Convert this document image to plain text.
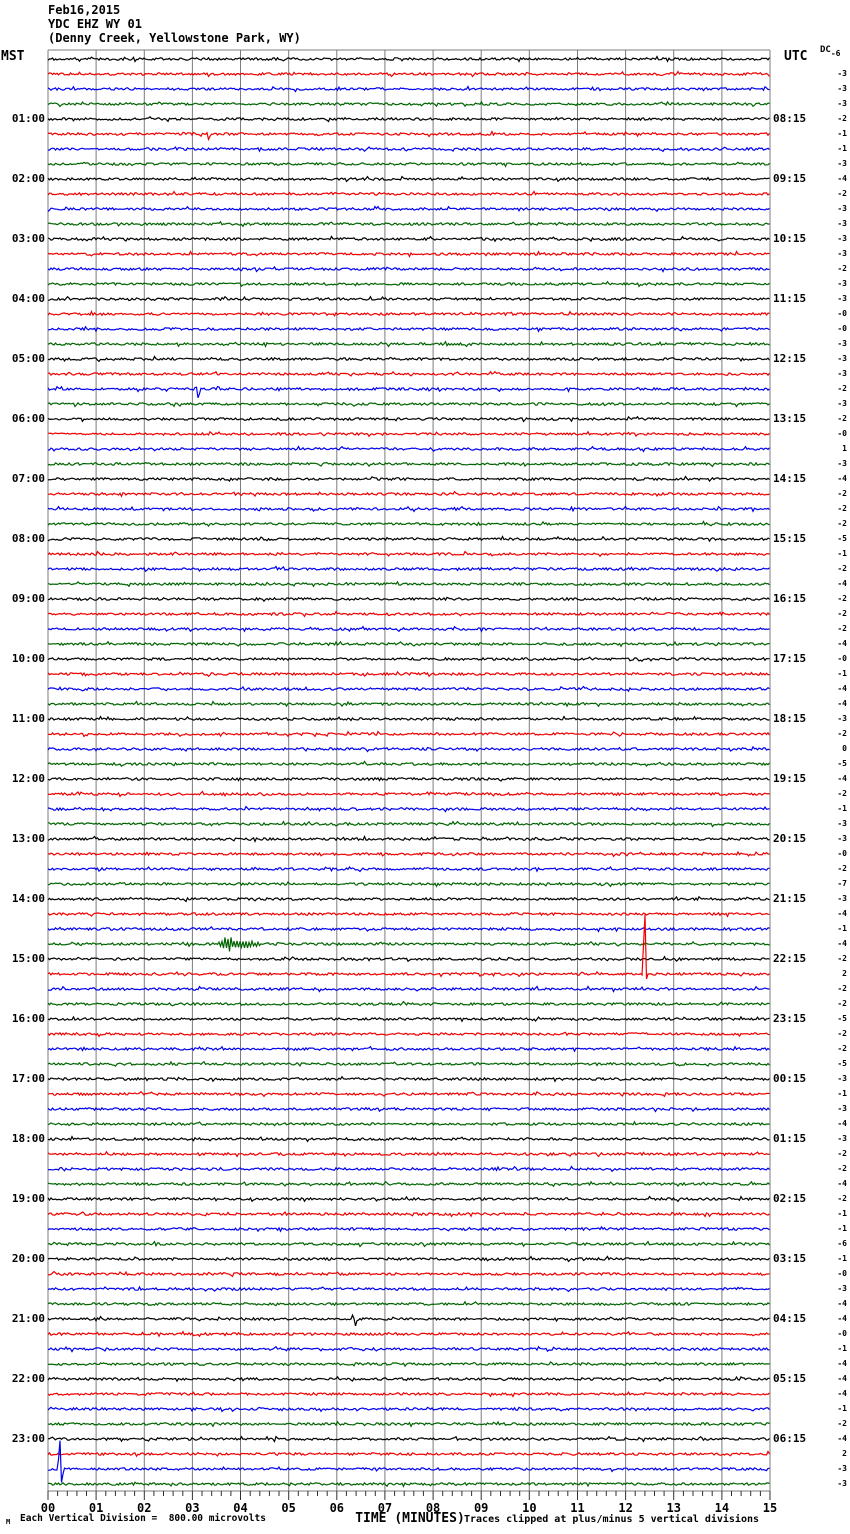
Feb16,2015
YDC EHZ WY 01
(Denny Creek, Yellowstone Park, WY)
MST	UTC DC-6
01:00
02:00
03:00
04:00
05:00
06:00
07:00
08:00
09:00
10:00
11:00
12:00
13:00
14:00
15:00
16:00
17:00
18:00
19:00
20:00
21:00
22:00
23:00
08:15
09:15
10:15
11:15
12:15
13:15
14:15
15:15
16:15
17:15
18:15
19:15
20:15
21:15
22:15
23:15
00:15
01:15
02:15
03:15
04:15
05:15
06:15
-3
-3
-3
-2
-1
-1
-3
-4
-2
-3
-3
-3
-3
-2
-3
-3
-0
-0
-3
-3
-3
-2
-3
-2
-0
1
-3
-4
-2
-2
-2
-5
-1
-2
-4
-2
-2
-2
-4
-0
-1
-4
-4
-3
-2
0
-5
-4
-2
-1
-3
-3
-0
-2
-7
-3
-4
-1
-4
-2
2
-2
-2
-5
-2
-2
-5
-3
-1
-3
-4
-3
-2
-2
-4
-2
-1
-1
-6
-1
-0
-3
-4
-4
-0
-1
-4
-4
-4
-1
-2
-4
2
-3
-3
00	01	02	03	04	05	06	07	08	09	10	11	12	13	14	15
TIME (MINUTES) Traces clipped at plus/minus 5 vertical divisions
Each Vertical Division =  800.00 microvolts
M
